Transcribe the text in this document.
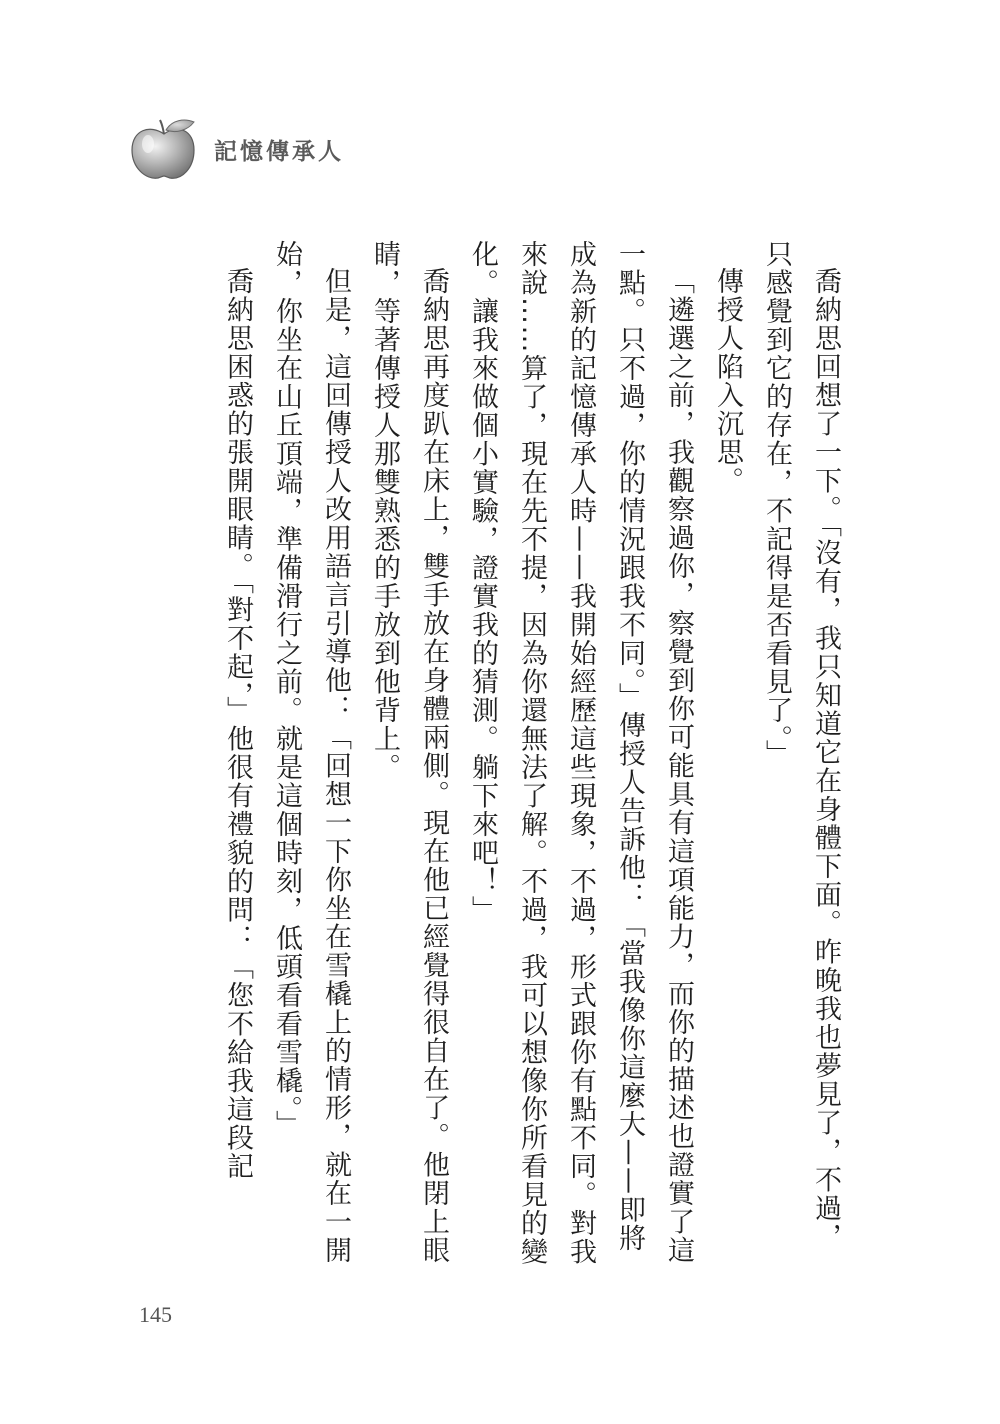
記憶傳承人

喬納思回想了一下。「沒有，我只知道它在身體下面。昨晚我也夢見了，不過，只感覺到它的存在，不記得是否看見了。」

傳授人陷入沉思。

「遴選之前，我觀察過你，察覺到你可能具有這項能力，而你的描述也證實了這一點。只不過，你的情況跟我不同。」傳授人告訴他：「當我像你這麼大——即將成為新的記憶傳承人時——我開始經歷這些現象，不過，形式跟你有點不同。對我來說……算了，現在先不提，因為你還無法了解。不過，我可以想像你所看見的變化。讓我來做個小實驗，證實我的猜測。躺下來吧！」

喬納思再度趴在床上，雙手放在身體兩側。現在他已經覺得很自在了。他閉上眼睛，等著傳授人那雙熟悉的手放到他背上。

但是，這回傳授人改用語言引導他：「回想一下你坐在雪橇上的情形，就在一開始，你坐在山丘頂端，準備滑行之前。就是這個時刻，低頭看看雪橇。」

喬納思困惑的張開眼睛。「對不起，」他很有禮貌的問：「您不給我這段記

145
